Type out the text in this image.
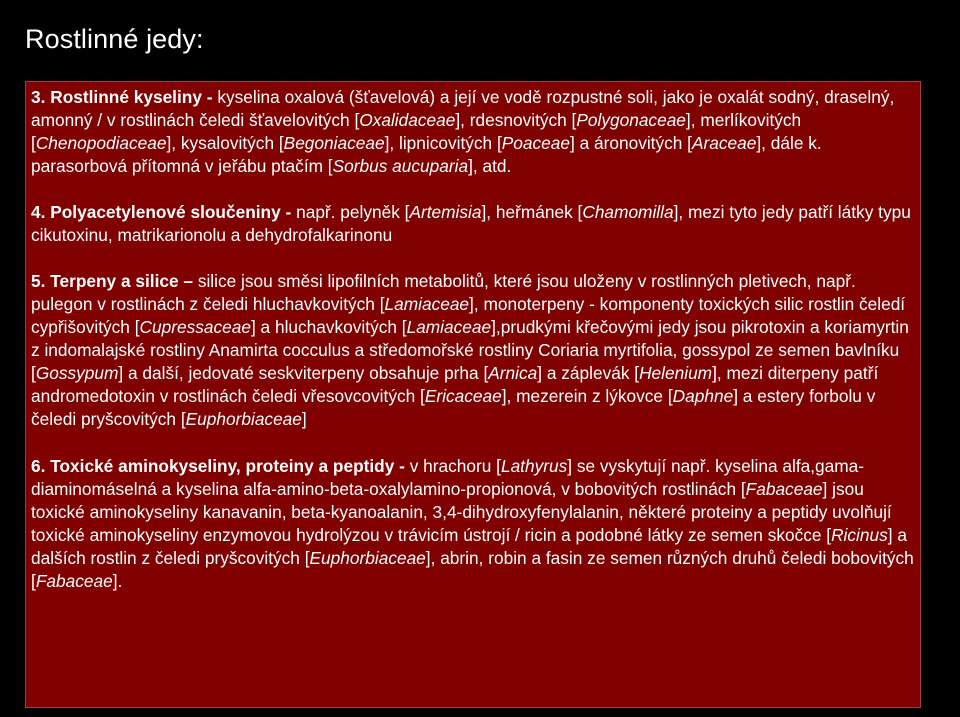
Rostlinné jedy:

3. Rostlinné kyseliny - kyselina oxalová (šťavelová) a její ve vodě rozpustné soli, jako je oxalát sodný, draselný, amonný / v rostlinách čeledi šťavelovitých [Oxalidaceae], rdesnovitých [Polygonaceae], merlíkovitých [Chenopodiaceae], kysalovitých [Begoniaceae], lipnicovitých [Poaceae] a áronovitých [Araceae], dále k. parasorbová přítomná v jeřábu ptačím [Sorbus aucuparia], atd.

4. Polyacetylenové sloučeniny - např. pelyněk [Artemisia], heřmánek [Chamomilla], mezi tyto jedy patří látky typu cikutoxinu, matrikarionolu a dehydrofalkarinonu

5. Terpeny a silice – silice jsou směsi lipofilních metabolitů, které jsou uloženy v rostlinných pletivech, např. pulegon v rostlinách z čeledi hluchavkovitých [Lamiaceae], monoterpeny - komponenty toxických silic rostlin čeledí cypřišovitých [Cupressaceae] a hluchavkovitých [Lamiaceae],prudkými křečovými jedy jsou pikrotoxin a koriamyrtin z indomalajské rostliny Anamirta cocculus a středomořské rostliny Coriaria myrtifolia, gossypol ze semen bavlníku [Gossypum] a další, jedovaté seskviterpeny obsahuje prha [Arnica] a záplevák [Helenium], mezi diterpeny patří andromedotoxin v rostlinách čeledi vřesovcovitých [Ericaceae], mezerein z lýkovce [Daphne] a estery forbolu v čeledi pryšcovitých [Euphorbiaceae]

6. Toxické aminokyseliny, proteiny a peptidy - v hrachoru [Lathyrus] se vyskytují např. kyselina alfa,gama-diaminomáselná a kyselina alfa-amino-beta-oxalylamino-propionová, v bobovitých rostlinách [Fabaceae] jsou toxické aminokyseliny kanavanin, beta-kyanoalanin, 3,4-dihydroxyfenylalanin, některé proteiny a peptidy uvolňují toxické aminokyseliny enzymovou hydrolýzou v trávicím ústrojí / ricin a podobné látky ze semen skočce [Ricinus] a dalších rostlin z čeledi pryšcovitých [Euphorbiaceae], abrin, robin a fasin ze semen různých druhů čeledi bobovitých [Fabaceae].
